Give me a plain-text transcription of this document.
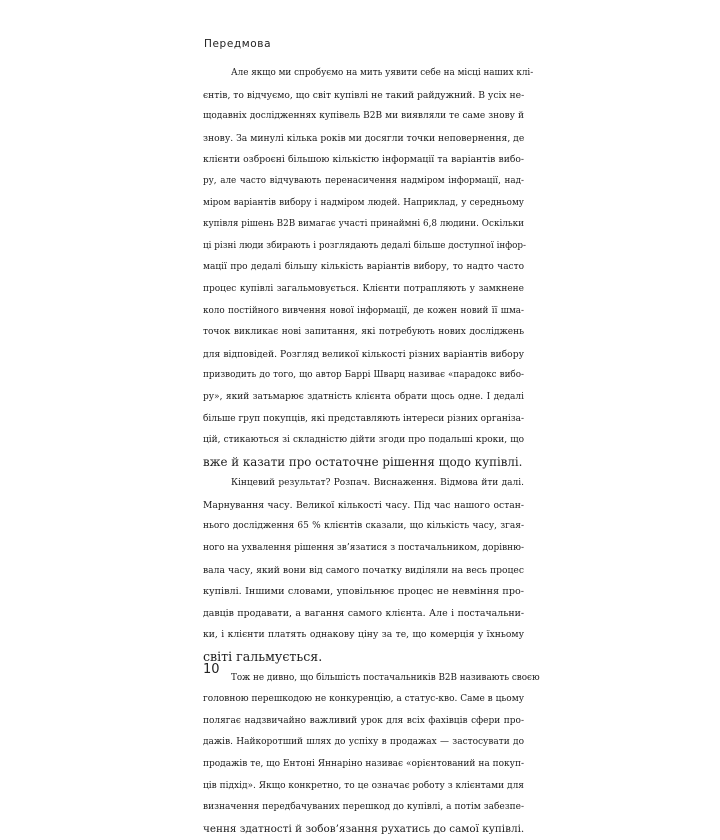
Передмова
Але якщо ми спробуємо на мить уявити себе на місці наших клі-
єнтів, то відчуємо, що світ купівлі не такий райдужний. В усіх не-
щодавніх дослідженнях купівель B2B ми виявляли те саме знову й
знову. За минулі кілька років ми досягли точки неповернення, де
клієнти озброєні більшою кількістю інформації та варіантів вибо-
ру, але часто відчувають перенасичення надміром інформації, над-
міром варіантів вибору і надміром людей. Наприклад, у середньому
купівля рішень B2B вимагає участі принаймні 6,8 людини. Оскільки
ці різні люди збирають і розглядають дедалі більше доступної інфор-
мації про дедалі більшу кількість варіантів вибору, то надто часто
процес купівлі загальмовується. Клієнти потрапляють у замкнене
коло постійного вивчення нової інформації, де кожен новий її шма-
точок викликає нові запитання, які потребують нових досліджень
для відповідей. Розгляд великої кількості різних варіантів вибору
призводить до того, що автор Баррі Шварц називає «парадокс вибо-
ру», який затьмарює здатність клієнта обрати щось одне. І дедалі
більше груп покупців, які представляють інтереси різних організа-
цій, стикаються зі складністю дійти згоди про подальші кроки, що
вже й казати про остаточне рішення щодо купівлі.
Кінцевий результат? Розпач. Виснаження. Відмова йти далі.
Марнування часу. Великої кількості часу. Під час нашого остан-
нього дослідження 65 % клієнтів сказали, що кількість часу, згая-
ного на ухвалення рішення зв’язатися з постачальником, дорівню-
вала часу, який вони від самого початку виділяли на весь процес
купівлі. Іншими словами, уповільнює процес не невміння про-
давців продавати, а вагання самого клієнта. Але і постачальни-
ки, і клієнти платять однакову ціну за те, що комерція у їхньому
світі гальмується.
Тож не дивно, що більшість постачальників B2B називають своєю
головною перешкодою не конкуренцію, а статус-кво. Саме в цьому
полягає надзвичайно важливий урок для всіх фахівців сфери про-
дажів. Найкоротший шлях до успіху в продажах — застосувати до
продажів те, що Ентоні Яннаріно називає «орієнтований на покуп-
ців підхід». Якщо конкретно, то це означає роботу з клієнтами для
визначення передбачуваних перешкод до купівлі, а потім забезпе-
чення здатності й зобов’язання рухатись до самої купівлі.
10
